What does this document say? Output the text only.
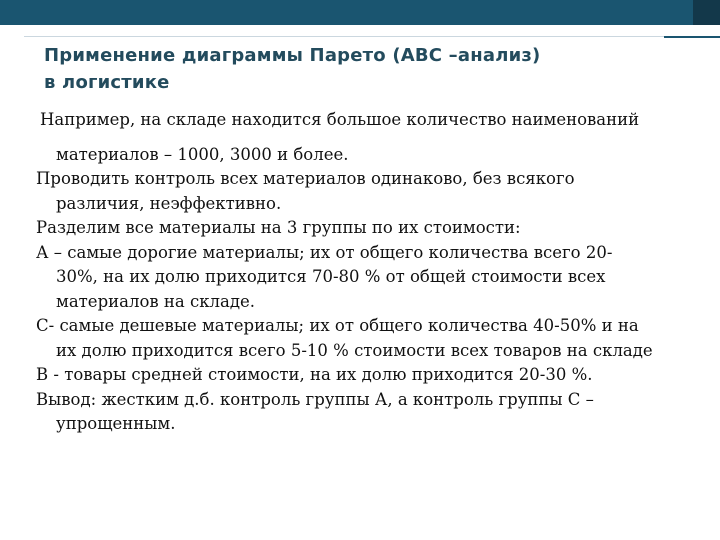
Применение диаграммы Парето (ABC –анализ)
в логистике

Например, на складе находится большое количество наименований
материалов – 1000, 3000 и более.

Проводить контроль всех материалов одинаково, без всякого
различия, неэффективно.

Разделим все материалы на 3 группы по их стоимости:

А – самые дорогие материалы; их от общего количества всего 20-
30%, на их долю приходится 70-80 % от общей стоимости всех
материалов на складе.

С- самые дешевые материалы; их от общего количества 40-50% и на
их долю приходится всего 5-10 % стоимости всех товаров на складе

В - товары средней стоимости, на их долю приходится 20-30 %.

Вывод: жестким д.б. контроль группы А, а контроль группы С –
упрощенным.
